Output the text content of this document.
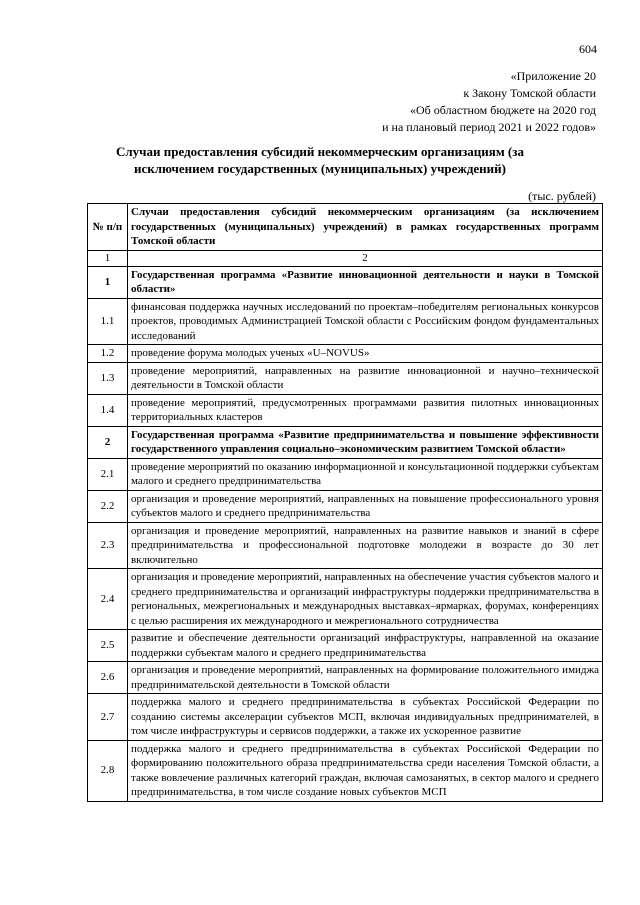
604
«Приложение 20
к Закону Томской области
«Об областном бюджете на 2020 год
и на плановый период 2021 и 2022 годов»
Случаи предоставления субсидий некоммерческим организациям (за
исключением государственных (муниципальных) учреждений)
(тыс. рублей)
№ п/п	Случаи предоставления субсидий некоммерческим организациям (за исключением государственных (муниципальных) учреждений) в рамках государственных программ Томской области
1	2
1	Государственная программа «Развитие инновационной деятельности и науки в Томской области»
1.1	финансовая поддержка научных исследований по проектам–победителям региональных конкурсов проектов, проводимых Администрацией Томской области с Российским фондом фундаментальных исследований
1.2	проведение форума молодых ученых «U–NOVUS»
1.3	проведение мероприятий, направленных на развитие инновационной и научно–технической деятельности в Томской области
1.4	проведение мероприятий, предусмотренных программами развития пилотных инновационных территориальных кластеров
2	Государственная программа «Развитие предпринимательства и повышение эффективности государственного управления социально–экономическим развитием Томской области»
2.1	проведение мероприятий по оказанию информационной и консультационной поддержки субъектам малого и среднего предпринимательства
2.2	организация и проведение мероприятий, направленных на повышение профессионального уровня субъектов малого и среднего предпринимательства
2.3	организация и проведение мероприятий, направленных на развитие навыков и знаний в сфере предпринимательства и профессиональной подготовке молодежи в возрасте до 30 лет включительно
2.4	организация и проведение мероприятий, направленных на обеспечение участия субъектов малого и среднего предпринимательства и организаций инфраструктуры поддержки предпринимательства в региональных, межрегиональных и международных выставках–ярмарках, форумах, конференциях с целью расширения их международного и межрегионального сотрудничества
2.5	развитие и обеспечение деятельности организаций инфраструктуры, направленной на оказание поддержки субъектам малого и среднего предпринимательства
2.6	организация и проведение мероприятий, направленных на формирование положительного имиджа предпринимательской деятельности в Томской области
2.7	поддержка малого и среднего предпринимательства в субъектах Российской Федерации по созданию системы акселерации субъектов МСП, включая индивидуальных предпринимателей, в том числе инфраструктуры и сервисов поддержки, а также их ускоренное развитие
2.8	поддержка малого и среднего предпринимательства в субъектах Российской Федерации по формированию положительного образа предпринимательства среди населения Томской области, а также вовлечение различных категорий граждан, включая самозанятых, в сектор малого и среднего предпринимательства, в том числе создание новых субъектов МСП
